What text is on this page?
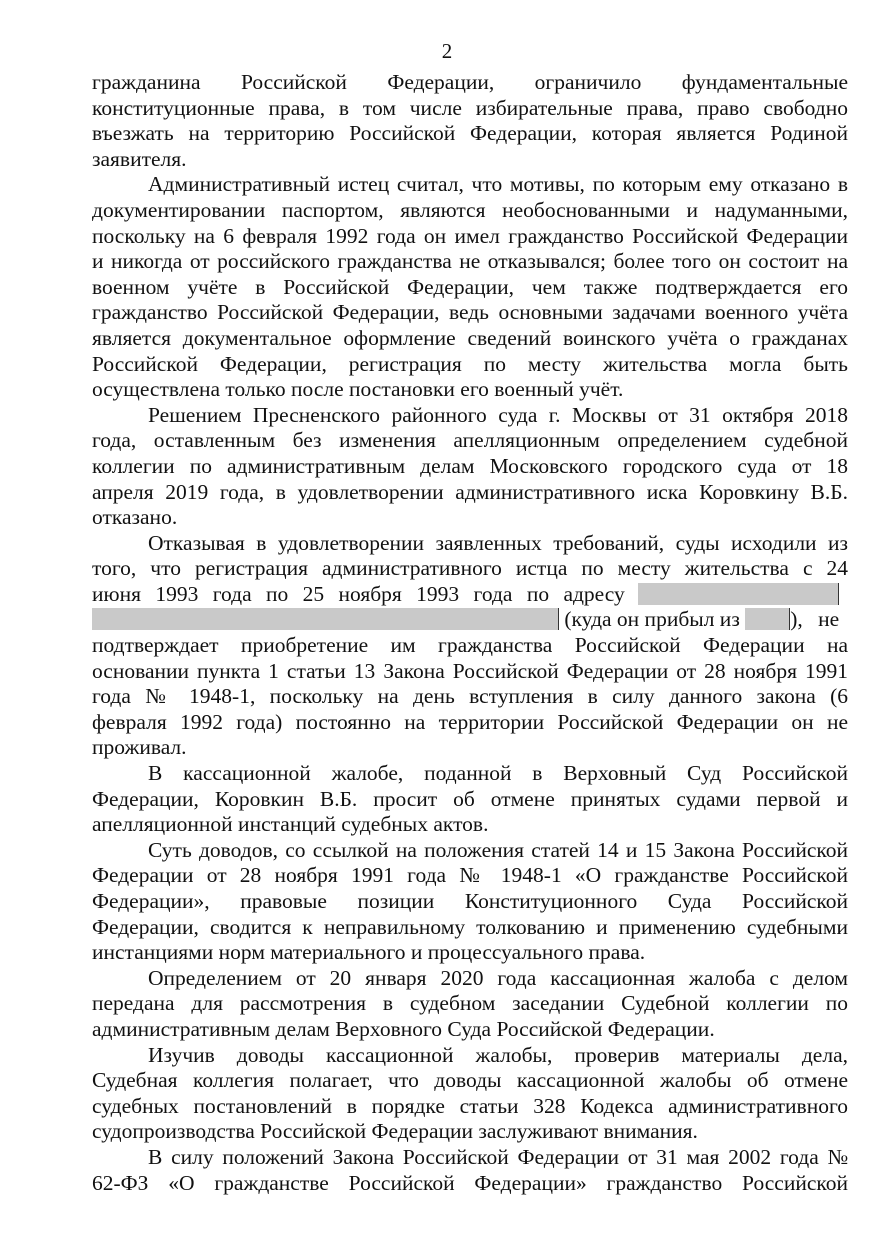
2

гражданина Российской Федерации, ограничило фундаментальные
конституционные права, в том числе избирательные права, право свободно
въезжать на территорию Российской Федерации, которая является Родиной
заявителя.

Административный истец считал, что мотивы, по которым ему отказано в
документировании паспортом, являются необоснованными и надуманными,
поскольку на 6 февраля 1992 года он имел гражданство Российской Федерации
и никогда от российского гражданства не отказывался; более того он состоит на
военном учёте в Российской Федерации, чем также подтверждается его
гражданство Российской Федерации, ведь основными задачами военного учёта
является документальное оформление сведений воинского учёта о гражданах
Российской Федерации, регистрация по месту жительства могла быть
осуществлена только после постановки его военный учёт.

Решением Пресненского районного суда г. Москвы от 31 октября 2018
года, оставленным без изменения апелляционным определением судебной
коллегии по административным делам Московского городского суда от 18
апреля 2019 года, в удовлетворении административного иска Коровкину В.Б.
отказано.

Отказывая в удовлетворении заявленных требований, суды исходили из
того, что регистрация административного истца по месту жительства с 24
июня 1993 года по 25 ноября 1993 года по адресу
(куда он прибыл из ), не
подтверждает приобретение им гражданства Российской Федерации на
основании пункта 1 статьи 13 Закона Российской Федерации от 28 ноября 1991
года № 1948-1, поскольку на день вступления в силу данного закона (6
февраля 1992 года) постоянно на территории Российской Федерации он не
проживал.

В кассационной жалобе, поданной в Верховный Суд Российской
Федерации, Коровкин В.Б. просит об отмене принятых судами первой и
апелляционной инстанций судебных актов.

Суть доводов, со ссылкой на положения статей 14 и 15 Закона Российской
Федерации от 28 ноября 1991 года № 1948-1 «О гражданстве Российской
Федерации», правовые позиции Конституционного Суда Российской
Федерации, сводится к неправильному толкованию и применению судебными
инстанциями норм материального и процессуального права.

Определением от 20 января 2020 года кассационная жалоба с делом
передана для рассмотрения в судебном заседании Судебной коллегии по
административным делам Верховного Суда Российской Федерации.

Изучив доводы кассационной жалобы, проверив материалы дела,
Судебная коллегия полагает, что доводы кассационной жалобы об отмене
судебных постановлений в порядке статьи 328 Кодекса административного
судопроизводства Российской Федерации заслуживают внимания.

В силу положений Закона Российской Федерации от 31 мая 2002 года №
62-ФЗ «О гражданстве Российской Федерации» гражданство Российской
